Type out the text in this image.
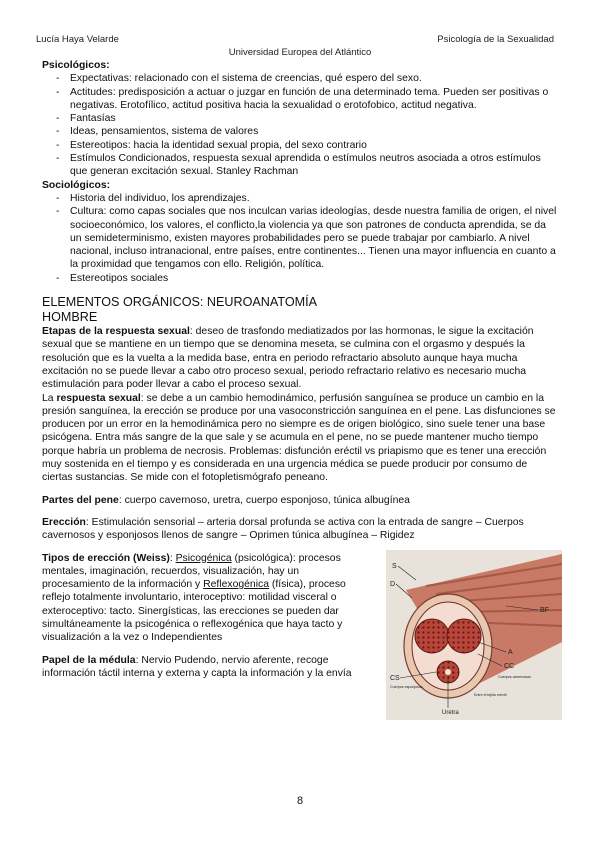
Lucía Haya Velarde	Psicología de la Sexualidad
Universidad Europea del Atlántico
Psicológicos:
- Expectativas: relacionado con el sistema de creencias, qué espero del sexo.
- Actitudes: predisposición a actuar o juzgar en función de una determinado tema. Pueden ser positivas o negativas. Erotofílico, actitud positiva hacia la sexualidad o erotofobico, actitud negativa.
- Fantasías
- Ideas, pensamientos, sistema de valores
- Estereotipos: hacia la identidad sexual propia, del sexo contrario
- Estímulos Condicionados, respuesta sexual aprendida o estímulos neutros asociada a otros estímulos que generan excitación sexual. Stanley Rachman
Sociológicos:
- Historia del individuo, los aprendizajes.
- Cultura: como capas sociales que nos inculcan varias ideologías, desde nuestra familia de origen, el nivel socioeconómico, los valores, el conflicto,la violencia ya que son patrones de conducta aprendida, se da un semideterminismo, existen mayores probabilidades pero se puede trabajar por cambiarlo. A nivel nacional, incluso intranacional, entre países, entre continentes... Tienen una mayor influencia en cuanto a la proximidad que tengamos con ello. Religión, política.
- Estereotipos sociales
ELEMENTOS ORGÁNICOS: NEUROANATOMÍA
HOMBRE

Etapas de la respuesta sexual: deseo de trasfondo mediatizados por las hormonas, le sigue la excitación sexual que se mantiene en un tiempo que se denomina meseta, se culmina con el orgasmo y después la resolución que es la vuelta a la medida base, entra en periodo refractario absoluto aunque haya mucha excitación no se puede llevar a cabo otro proceso sexual, periodo refractario relativo es necesario mucha estimulación para poder llevar a cabo el proceso sexual.

La respuesta sexual: se debe a un cambio hemodinámico, perfusión sanguínea se produce un cambio en la presión sanguínea, la erección se produce por una vasoconstricción sanguínea en el pene. Las disfunciones se producen por un error en la hemodinámica pero no siempre es de origen biológico, sino suele tener una base psicógena. Entra más sangre de la que sale y se acumula en el pene, no se puede mantener mucho tiempo porque habría un problema de necrosis. Problemas: disfunción eréctil vs priapismo que es tener una erección muy sostenida en el tiempo y es considerada en una urgencia médica se puede producir por consumo de ciertas sustancias. Se mide con el fotopletismógrafo peneano.

Partes del pene: cuerpo cavernoso, uretra, cuerpo esponjoso, túnica albugínea

Erección: Estimulación sensorial – arteria dorsal profunda se activa con la entrada de sangre – Cuerpos cavernosos y esponjosos llenos de sangre – Oprimen túnica albugínea – Rigidez

Tipos de erección (Weiss): Psicogénica (psicológica): procesos mentales, imaginación, recuerdos, visualización, hay un procesamiento de la información y Reflexogénica (física), proceso reflejo totalmente involuntario, interoceptivo: motilidad visceral o exteroceptivo: tacto. Sinergísticas, las erecciones se pueden dar simultáneamente la psicogénica o reflexogénica que haya tacto y visualización a la vez o Independientes

Papel de la médula: Nervio Pudendo, nervio aferente, recoge información táctil interna y externa y capta la información y la envía

S
D
BF
A
CC
Cuerpos cavernosos
CS
Cuerpos esponjosos
Entre el tejido eréctil
Uretra
8
